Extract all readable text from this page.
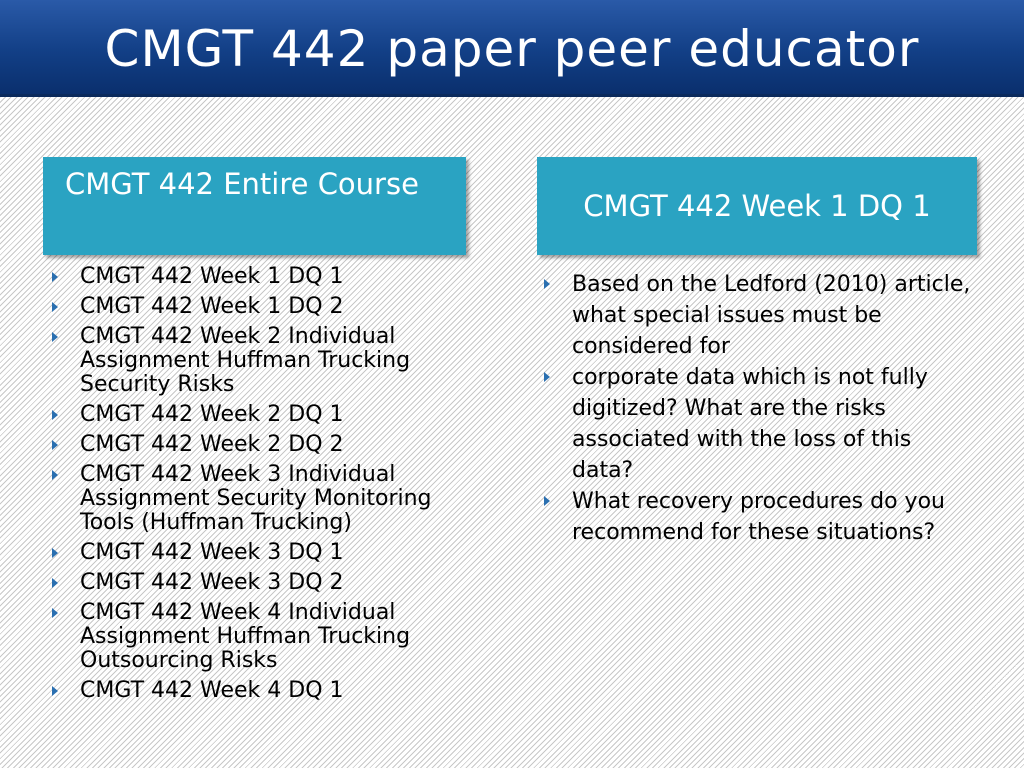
CMGT 442 paper peer educator
CMGT 442 Entire Course
CMGT 442 Week 1 DQ 1
CMGT 442 Week 1 DQ 1
CMGT 442 Week 1 DQ 2
CMGT 442 Week 2 Individual Assignment Huffman Trucking Security Risks
CMGT 442 Week 2 DQ 1
CMGT 442 Week 2 DQ 2
CMGT 442 Week 3 Individual Assignment Security Monitoring Tools (Huffman Trucking)
CMGT 442 Week 3 DQ 1
CMGT 442 Week 3 DQ 2
CMGT 442 Week 4 Individual Assignment Huffman Trucking Outsourcing Risks
CMGT 442 Week 4 DQ 1
Based on the Ledford (2010) article, what special issues must be considered for
corporate data which is not fully digitized? What are the risks associated with the loss of this data?
What recovery procedures do you recommend for these situations?
